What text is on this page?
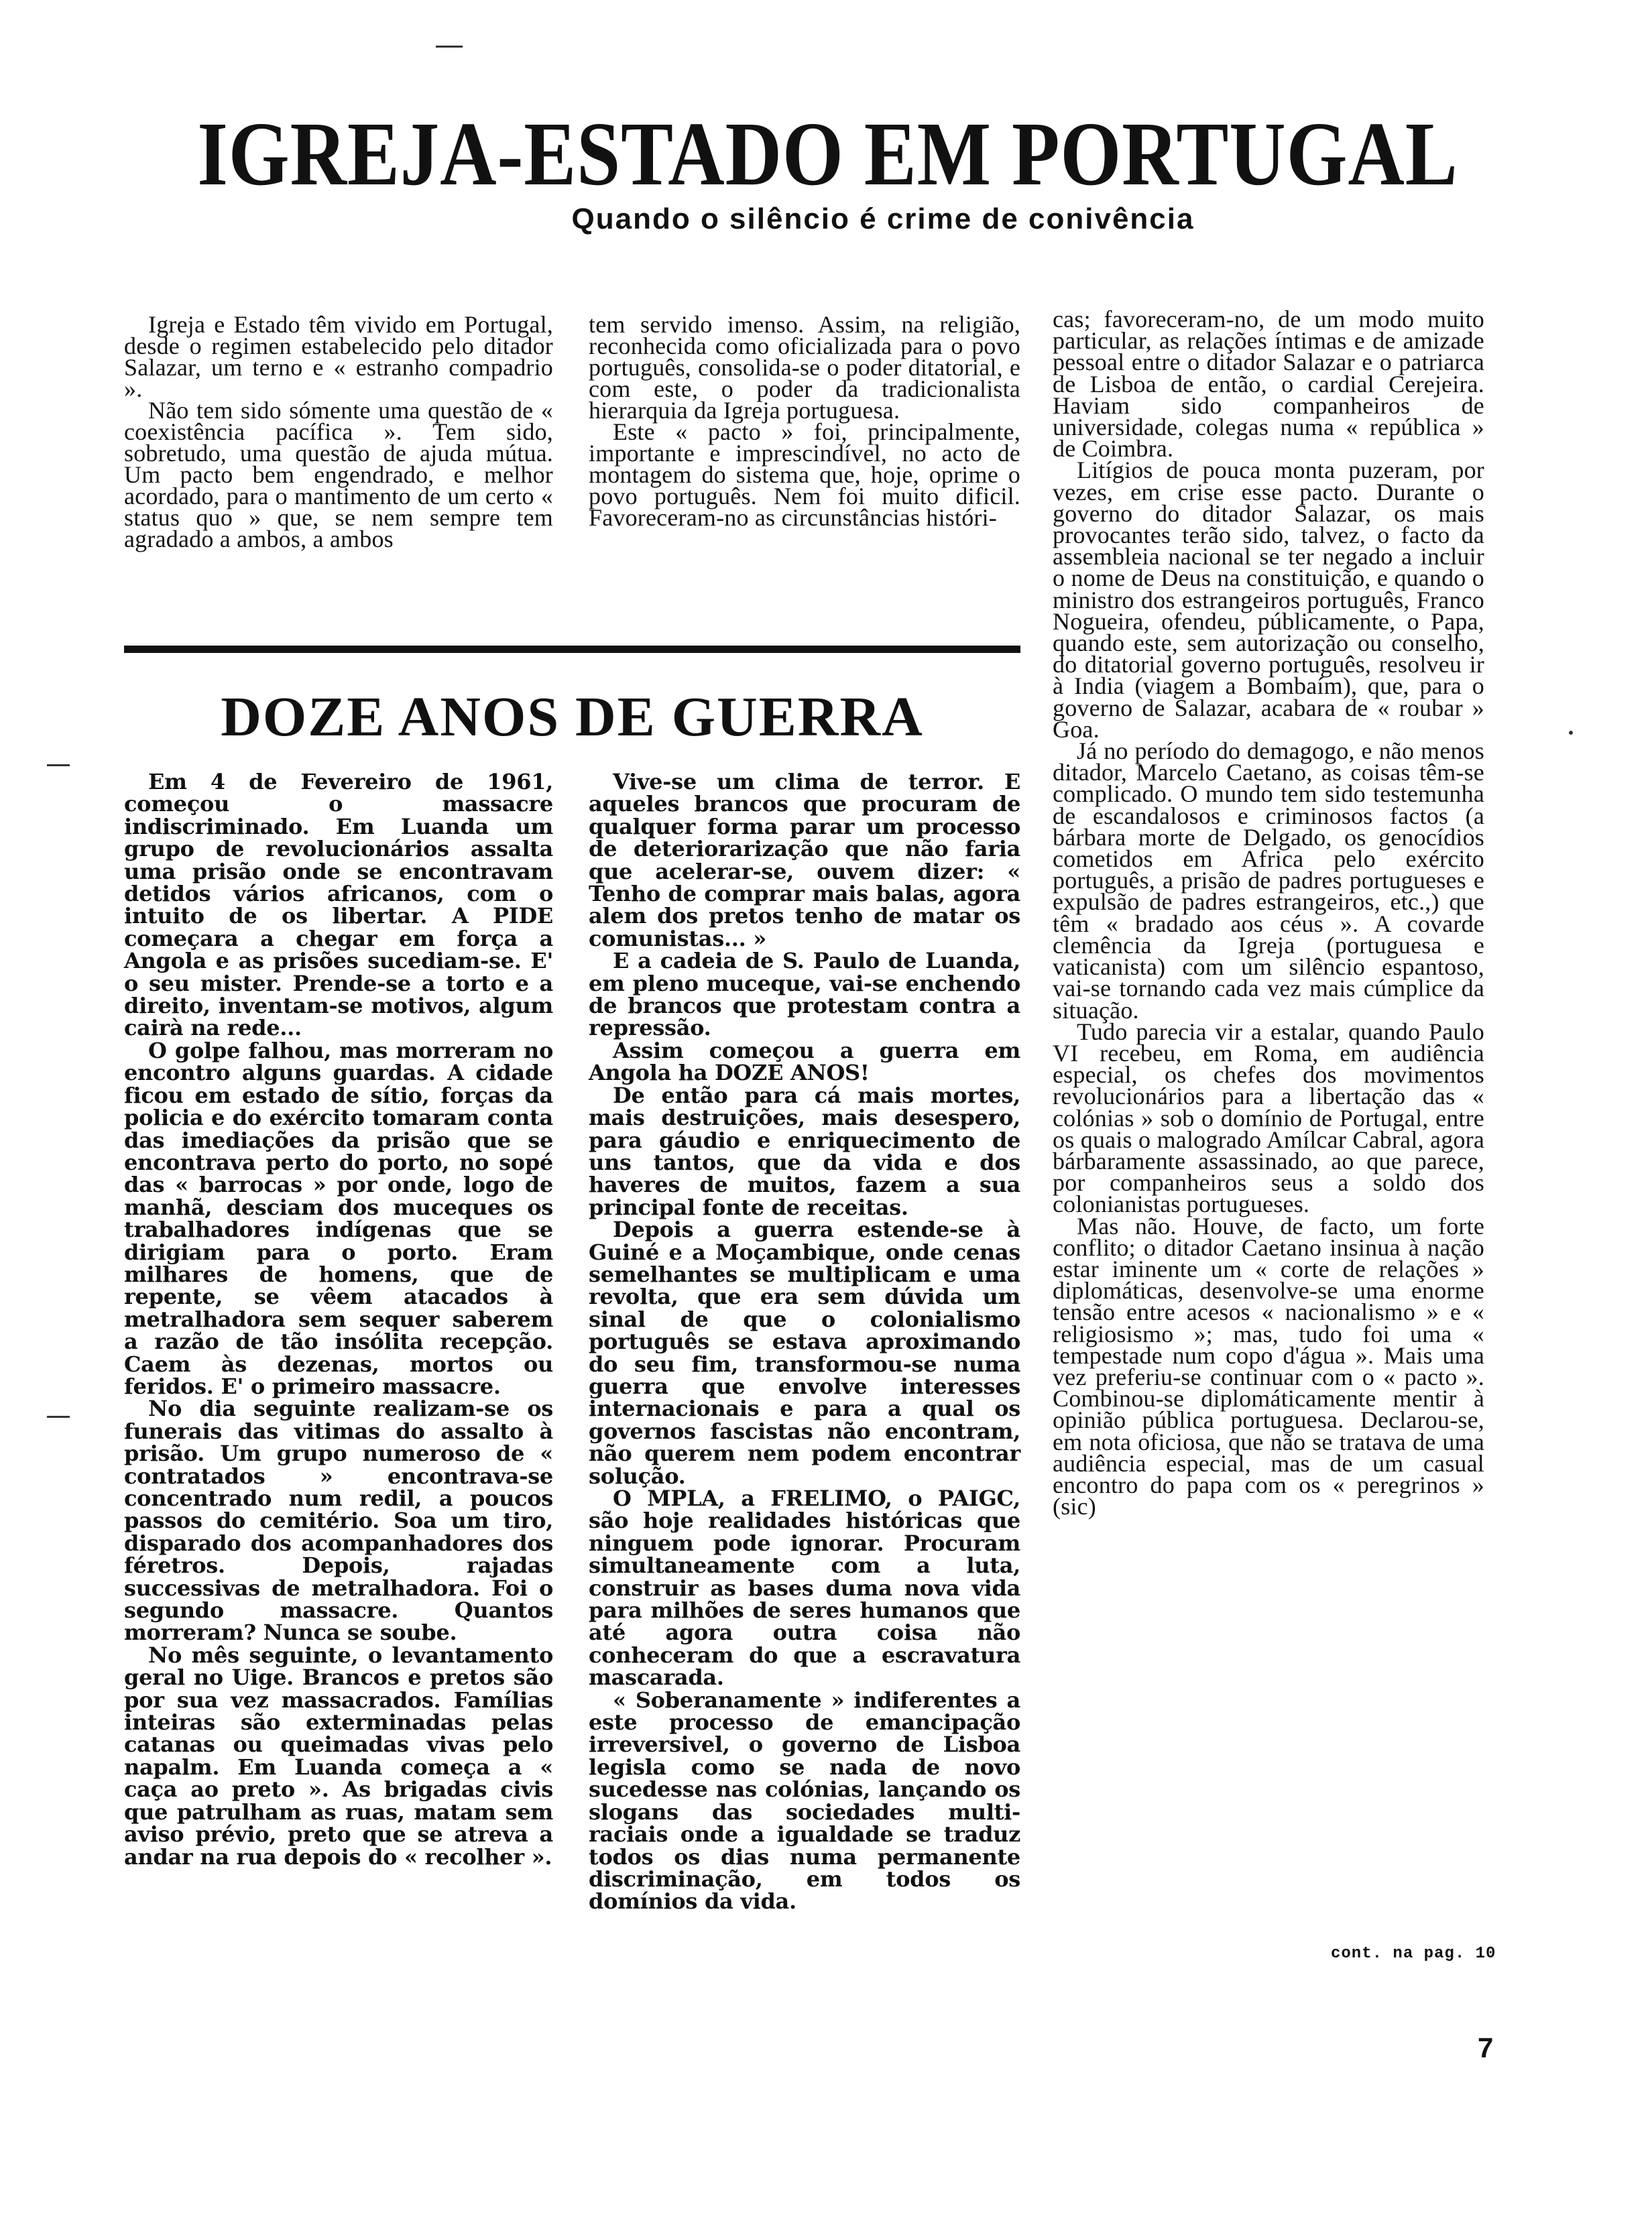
IGREJA-ESTADO EM PORTUGAL
Quando o silêncio é crime de conivência

Igreja e Estado têm vivido em Portugal, desde o regimen estabelecido pelo ditador Salazar, um terno e « estranho compadrio ».

Não tem sido sómente uma questão de « coexistência pacífica ». Tem sido, sobretudo, uma questão de ajuda mútua. Um pacto bem engendrado, e melhor acordado, para o mantimento de um certo « status quo » que, se nem sempre tem agradado a ambos, a ambos

tem servido imenso. Assim, na religião, reconhecida como oficializada para o povo português, consolida-se o poder ditatorial, e com este, o poder da tradicionalista hierarquia da Igreja portuguesa.

Este « pacto » foi, principalmente, importante e imprescindível, no acto de montagem do sistema que, hoje, oprime o povo português. Nem foi muito dificil. Favoreceram-no as circunstâncias históri-

DOZE ANOS DE GUERRA

Em 4 de Fevereiro de 1961, começou o massacre indiscriminado. Em Luanda um grupo de revolucionários assalta uma prisão onde se encontravam detidos vários africanos, com o intuito de os libertar. A PIDE começara a chegar em força a Angola e as prisões sucediam-se. E' o seu mister. Prende-se a torto e a direito, inventam-se motivos, algum cairà na rede...

O golpe falhou, mas morreram no encontro alguns guardas. A cidade ficou em estado de sítio, forças da policia e do exército tomaram conta das imediações da prisão que se encontrava perto do porto, no sopé das « barrocas » por onde, logo de manhã, desciam dos muceques os trabalhadores indígenas que se dirigiam para o porto. Eram milhares de homens, que de repente, se vêem atacados à metralhadora sem sequer saberem a razão de tão insólita recepção. Caem às dezenas, mortos ou feridos. E' o primeiro massacre.

No dia seguinte realizam-se os funerais das vitimas do assalto à prisão. Um grupo numeroso de « contratados » encontrava-se concentrado num redil, a poucos passos do cemitério. Soa um tiro, disparado dos acompanhadores dos féretros. Depois, rajadas successivas de metralhadora. Foi o segundo massacre. Quantos morreram? Nunca se soube.

No mês seguinte, o levantamento geral no Uige. Brancos e pretos são por sua vez massacrados. Famílias inteiras são exterminadas pelas catanas ou queimadas vivas pelo napalm. Em Luanda começa a « caça ao preto ». As brigadas civis que patrulham as ruas, matam sem aviso prévio, preto que se atreva a andar na rua depois do « recolher ».

Vive-se um clima de terror. E aqueles brancos que procuram de qualquer forma parar um processo de deteriorarização que não faria que acelerar-se, ouvem dizer: « Tenho de comprar mais balas, agora alem dos pretos tenho de matar os comunistas... »

E a cadeia de S. Paulo de Luanda, em pleno muceque, vai-se enchendo de brancos que protestam contra a repressão.

Assim começou a guerra em Angola ha DOZE ANOS!

De então para cá mais mortes, mais destruições, mais desespero, para gáudio e enriquecimento de uns tantos, que da vida e dos haveres de muitos, fazem a sua principal fonte de receitas.

Depois a guerra estende-se à Guiné e a Moçambique, onde cenas semelhantes se multiplicam e uma revolta, que era sem dúvida um sinal de que o colonialismo português se estava aproximando do seu fim, transformou-se numa guerra que envolve interesses internacionais e para a qual os governos fascistas não encontram, não querem nem podem encontrar solução.

O MPLA, a FRELIMO, o PAIGC, são hoje realidades históricas que ninguem pode ignorar. Procuram simultaneamente com a luta, construir as bases duma nova vida para milhões de seres humanos que até agora outra coisa não conheceram do que a escravatura mascarada.

« Soberanamente » indiferentes a este processo de emancipação irreversivel, o governo de Lisboa legisla como se nada de novo sucedesse nas colónias, lançando os slogans das sociedades multi-raciais onde a igualdade se traduz todos os dias numa permanente discriminação, em todos os domínios da vida.

cas; favoreceram-no, de um modo muito particular, as relações íntimas e de amizade pessoal entre o ditador Salazar e o patriarca de Lisboa de então, o cardial Cerejeira. Haviam sido companheiros de universidade, colegas numa « república » de Coimbra.

Litígios de pouca monta puzeram, por vezes, em crise esse pacto. Durante o governo do ditador Salazar, os mais provocantes terão sido, talvez, o facto da assembleia nacional se ter negado a incluir o nome de Deus na constituição, e quando o ministro dos estrangeiros português, Franco Nogueira, ofendeu, públicamente, o Papa, quando este, sem autorização ou conselho, do ditatorial governo português, resolveu ir à India (viagem a Bombaím), que, para o governo de Salazar, acabara de « roubar » Goa.

Já no período do demagogo, e não menos ditador, Marcelo Caetano, as coisas têm-se complicado. O mundo tem sido testemunha de escandalosos e criminosos factos (a bárbara morte de Delgado, os genocídios cometidos em Africa pelo exército português, a prisão de padres portugueses e expulsão de padres estrangeiros, etc.,) que têm « bradado aos céus ». A covarde clemência da Igreja (portuguesa e vaticanista) com um silêncio espantoso, vai-se tornando cada vez mais cúmplice da situação.

Tudo parecia vir a estalar, quando Paulo VI recebeu, em Roma, em audiência especial, os chefes dos movimentos revolucionários para a libertação das « colónias » sob o domínio de Portugal, entre os quais o malogrado Amílcar Cabral, agora bárbaramente assassinado, ao que parece, por companheiros seus a soldo dos colonianistas portugueses.

Mas não. Houve, de facto, um forte conflito; o ditador Caetano insinua à nação estar iminente um « corte de relações » diplomáticas, desenvolve-se uma enorme tensão entre acesos « nacionalismo » e « religiosismo »; mas, tudo foi uma « tempestade num copo d'água ». Mais uma vez preferiu-se continuar com o « pacto ». Combinou-se diplomáticamente mentir à opinião pública portuguesa. Declarou-se, em nota oficiosa, que não se tratava de uma audiência especial, mas de um casual encontro do papa com os « peregrinos » (sic)

cont. na pag. 10
7
